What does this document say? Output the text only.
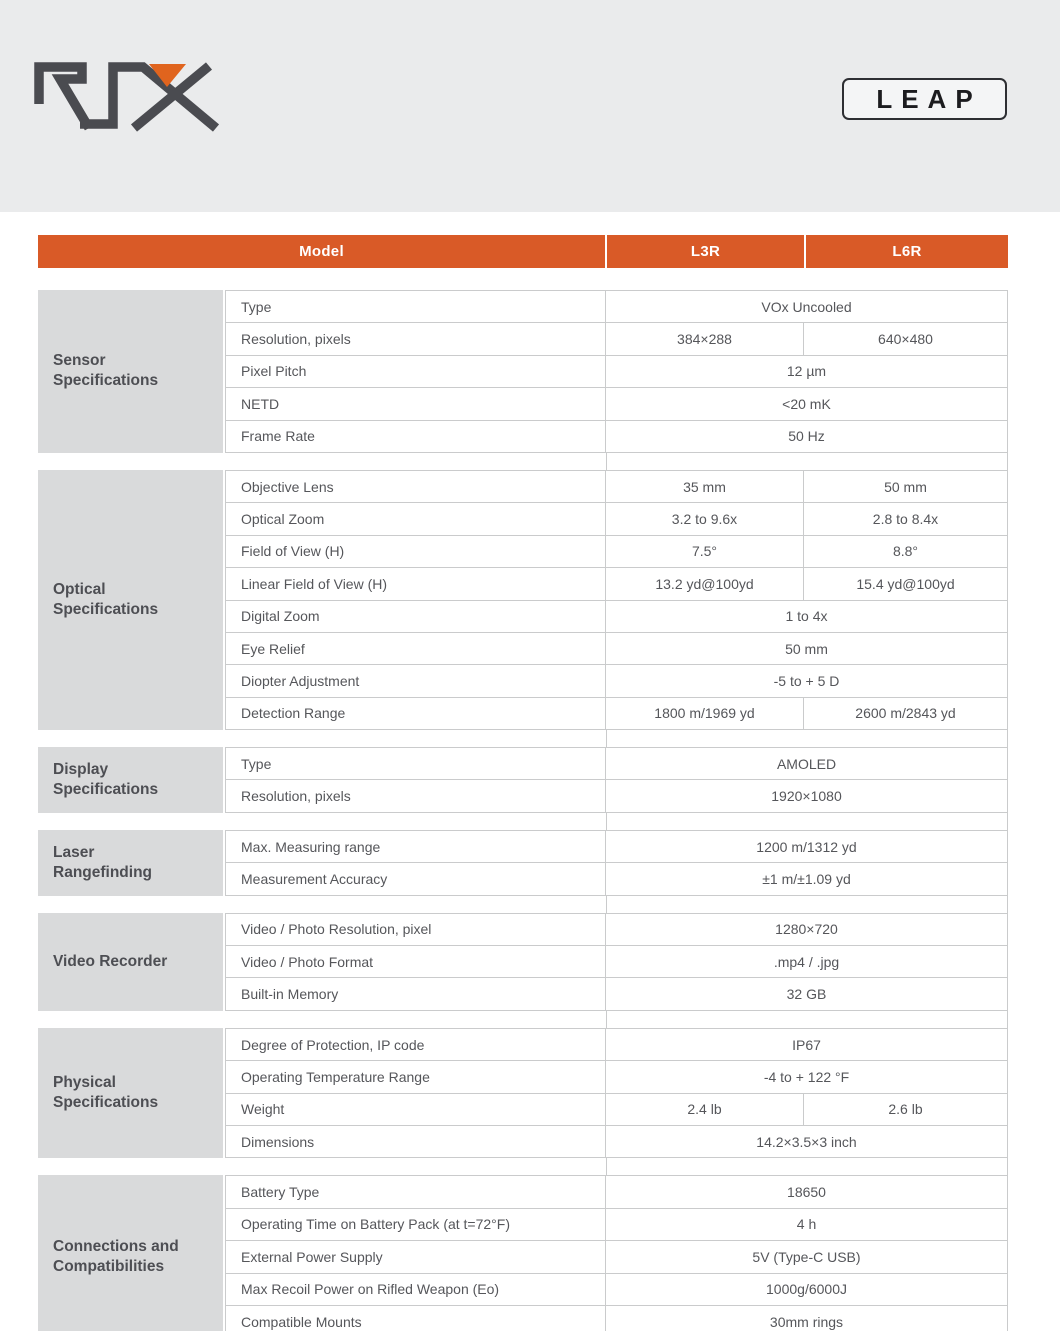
LEAP
Model	L3R	L6R
Sensor Specifications
Type	VOx Uncooled
Resolution, pixels	384×288	640×480
Pixel Pitch	12 µm
NETD	<20 mK
Frame Rate	50 Hz
Optical Specifications
Objective Lens	35 mm	50 mm
Optical Zoom	3.2 to 9.6x	2.8 to 8.4x
Field of View (H)	7.5°	8.8°
Linear Field of View (H)	13.2 yd@100yd	15.4 yd@100yd
Digital Zoom	1 to 4x
Eye Relief	50 mm
Diopter Adjustment	-5 to + 5 D
Detection Range	1800 m/1969 yd	2600 m/2843 yd
Display Specifications
Type	AMOLED
Resolution, pixels	1920×1080
Laser Rangefinding
Max. Measuring range	1200 m/1312 yd
Measurement Accuracy	±1 m/±1.09 yd
Video Recorder
Video / Photo Resolution, pixel	1280×720
Video / Photo Format	.mp4 / .jpg
Built-in Memory	32 GB
Physical Specifications
Degree of Protection, IP code	IP67
Operating Temperature Range	-4 to + 122 °F
Weight	2.4 lb	2.6 lb
Dimensions	14.2×3.5×3 inch
Connections and Compatibilities
Battery Type	18650
Operating Time on Battery Pack (at t=72°F)	4 h
External Power Supply	5V (Type-C USB)
Max Recoil Power on Rifled Weapon (Eo)	1000g/6000J
Compatible Mounts	30mm rings
